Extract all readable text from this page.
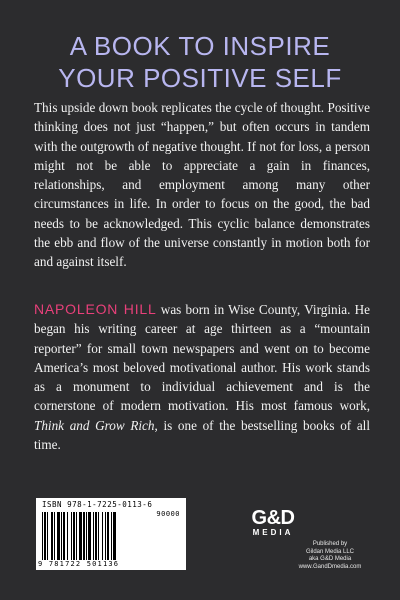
A BOOK TO INSPIRE
YOUR POSITIVE SELF

This upside down book replicates the cycle of thought. Positive thinking does not just “happen,” but often occurs in tandem with the outgrowth of negative thought. If not for loss, a person might not be able to appreciate a gain in finances, relationships, and employment among many other circumstances in life. In order to focus on the good, the bad needs to be acknowledged. This cyclic balance demonstrates the ebb and flow of the universe constantly in motion both for and against itself.

NAPOLEON HILL was born in Wise County, Virginia. He began his writing career at age thirteen as a “mountain reporter” for small town newspapers and went on to become America’s most beloved motivational author. His work stands as a monument to individual achievement and is the cornerstone of modern motivation. His most famous work, Think and Grow Rich, is one of the bestselling books of all time.

ISBN 978-1-7225-0113-6
90000
9 781722 501136
G&D
MEDIA
Published by
Gildan Media LLC
aka G&D Media
www.GandDmedia.com
